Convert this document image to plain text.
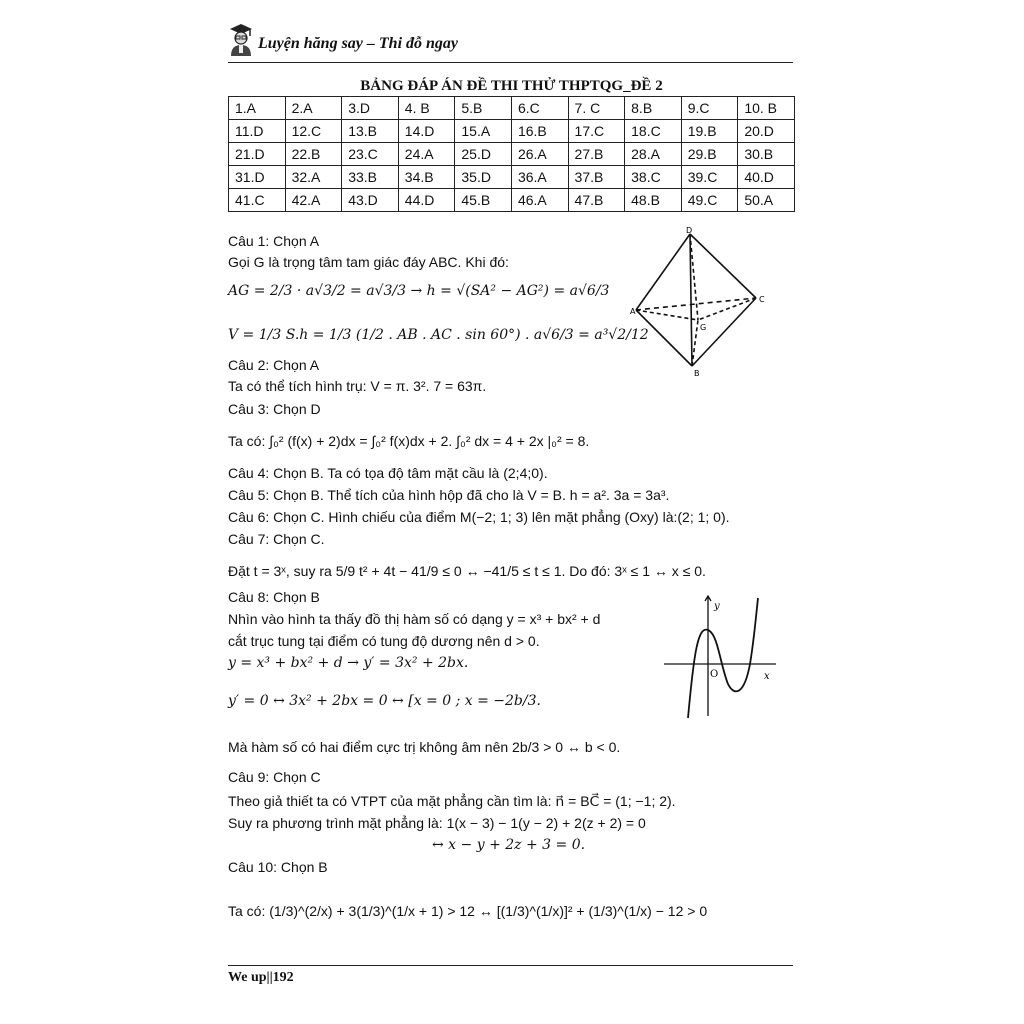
Luyện hăng say – Thi đỗ ngay
BẢNG ĐÁP ÁN ĐỀ THI THỬ THPTQG_ĐỀ 2
1.A	2.A	3.D	4. B	5.B	6.C	7. C	8.B	9.C	10. B
11.D	12.C	13.B	14.D	15.A	16.B	17.C	18.C	19.B	20.D
21.D	22.B	23.C	24.A	25.D	26.A	27.B	28.A	29.B	30.B
31.D	32.A	33.B	34.B	35.D	36.A	37.B	38.C	39.C	40.D
41.C	42.A	43.D	44.D	45.B	46.A	47.B	48.B	49.C	50.A
D
A
C
G
B
y
O	x
Câu 1: Chọn A
Gọi G là trọng tâm tam giác đáy ABC. Khi đó:
AG = 2/3 · a√3/2 = a√3/3 → h = √(SA² − AG²) = a√6/3
V = 1/3 S.h = 1/3 (1/2 . AB . AC . sin 60°) . a√6/3 = a³√2/12
Câu 2: Chọn A
Ta có thể tích hình trụ: V = π. 3². 7 = 63π.
Câu 3: Chọn D
Ta có: ∫₀² (f(x) + 2)dx = ∫₀² f(x)dx + 2. ∫₀² dx = 4 + 2x |₀² = 8.
Câu 4: Chọn B. Ta có tọa độ tâm mặt cầu là (2;4;0).
Câu 5: Chọn B. Thể tích của hình hộp đã cho là V = B. h = a². 3a = 3a³.
Câu 6: Chọn C. Hình chiếu của điểm M(−2; 1; 3) lên mặt phẳng (Oxy) là:(2; 1; 0).
Câu 7: Chọn C.
Đặt t = 3ˣ, suy ra 5/9 t² + 4t − 41/9 ≤ 0 ↔ −41/5 ≤ t ≤ 1. Do đó: 3ˣ ≤ 1 ↔ x ≤ 0.
Câu 8: Chọn B
Nhìn vào hình ta thấy đồ thị hàm số có dạng y = x³ + bx² + d
cắt trục tung tại điểm có tung độ dương nên d > 0.
y = x³ + bx² + d → y′ = 3x² + 2bx.
y′ = 0 ↔ 3x² + 2bx = 0 ↔ [x = 0 ; x = −2b/3.
Mà hàm số có hai điểm cực trị không âm nên 2b/3 > 0 ↔ b < 0.
Câu 9: Chọn C
Theo giả thiết ta có VTPT của mặt phẳng cần tìm là: n⃗ = BC⃗ = (1; −1; 2).
Suy ra phương trình mặt phẳng là: 1(x − 3) − 1(y − 2) + 2(z + 2) = 0
↔ x − y + 2z + 3 = 0.
Câu 10: Chọn B
Ta có: (1/3)^(2/x) + 3(1/3)^(1/x + 1) > 12 ↔ [(1/3)^(1/x)]² + (1/3)^(1/x) − 12 > 0
We up||192
